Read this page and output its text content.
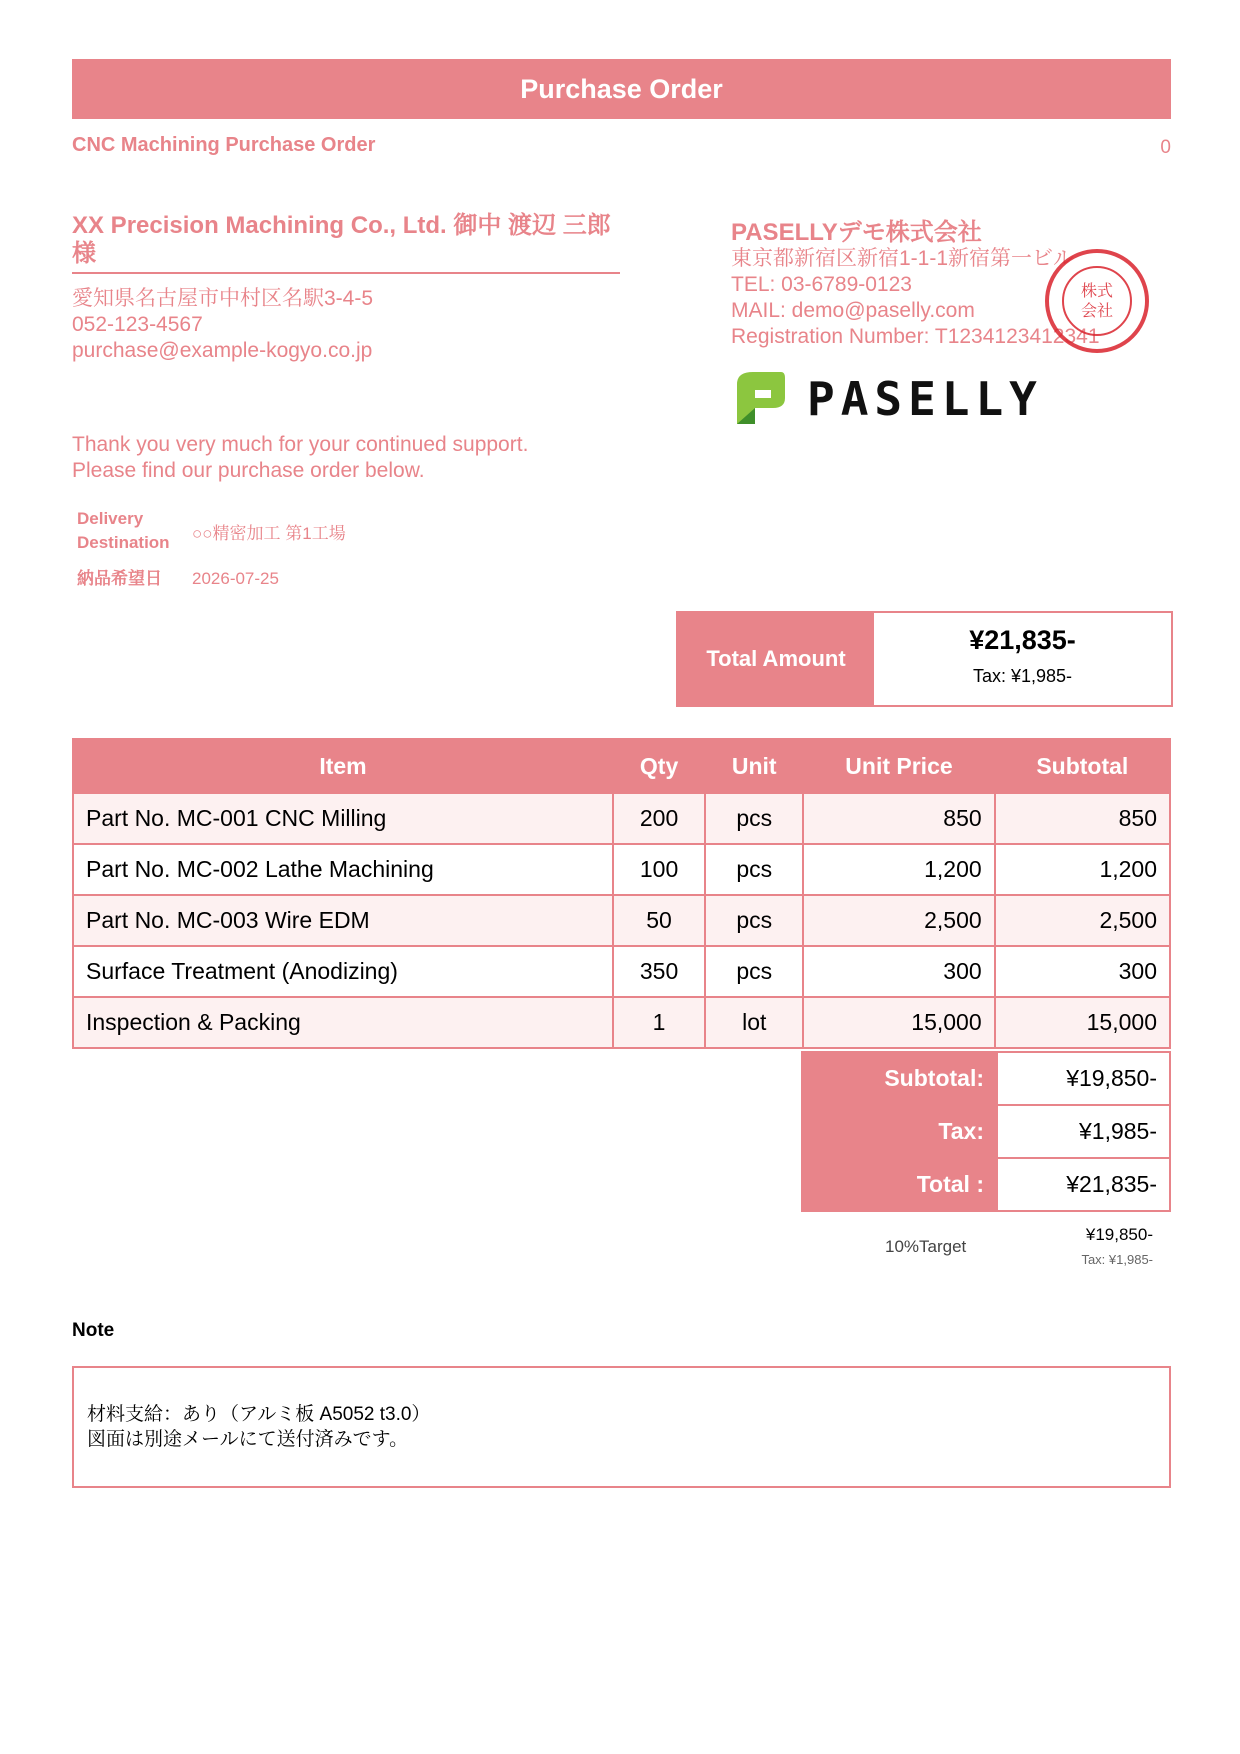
Purchase Order
CNC Machining Purchase Order	0
XX Precision Machining Co., Ltd. 御中 渡辺 三郎 様
愛知県名古屋市中村区名駅3-4-5
052-123-4567
purchase@example-kogyo.co.jp
Thank you very much for your continued support.
Please find our purchase order below.
Delivery Destination	○○精密加工 第1工場
納品希望日	2026-07-25
PASELLYデモ株式会社
東京都新宿区新宿1-1-1新宿第一ビル
TEL: 03-6789-0123
MAIL: demo@paselly.com
Registration Number: T1234123412341
株式
会社
PASELLY
Total Amount
¥21,835-
Tax: ¥1,985-
Item	Qty	Unit	Unit Price	Subtotal
Part No. MC-001 CNC Milling	200	pcs	850	850
Part No. MC-002 Lathe Machining	100	pcs	1,200	1,200
Part No. MC-003 Wire EDM	50	pcs	2,500	2,500
Surface Treatment (Anodizing)	350	pcs	300	300
Inspection & Packing	1	lot	15,000	15,000
Subtotal:	¥19,850-
Tax:	¥1,985-
Total :	¥21,835-
10%Target
¥19,850-
Tax: ¥1,985-
Note
材料支給：あり（アルミ板 A5052 t3.0）
図面は別途メールにて送付済みです。
